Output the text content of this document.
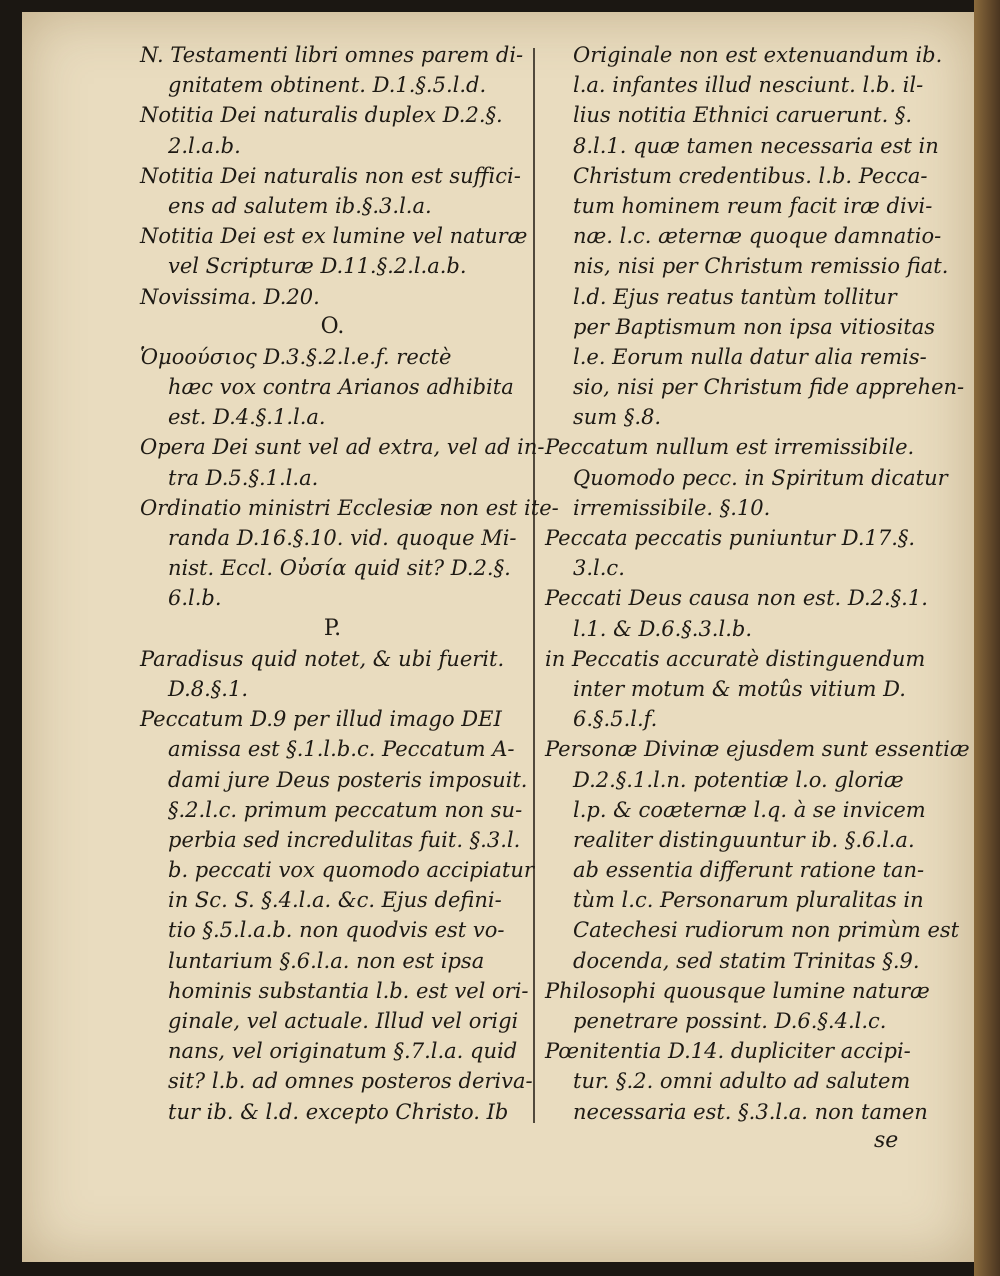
N. Testamenti libri omnes parem di-
gnitatem obtinent. D.1.§.5.l.d.
Notitia Dei naturalis duplex D.2.§.
2.l.a.b.
Notitia Dei naturalis non est suffici-
ens ad salutem ib.§.3.l.a.
Notitia Dei est ex lumine vel naturæ
vel Scripturæ D.11.§.2.l.a.b.
Novissima. D.20.
O.
Ὁμοούσιος D.3.§.2.l.e.f. rectè
hæc vox contra Arianos adhibita
est. D.4.§.1.l.a.
Opera Dei sunt vel ad extra, vel ad in-
tra D.5.§.1.l.a.
Ordinatio ministri Ecclesiæ non est ite-
randa D.16.§.10. vid. quoque Mi-
nist. Eccl. Οὐσία quid sit? D.2.§.
6.l.b.
P.
Paradisus quid notet, & ubi fuerit.
D.8.§.1.
Peccatum D.9 per illud imago DEI
amissa est §.1.l.b.c. Peccatum A-
dami jure Deus posteris imposuit.
§.2.l.c. primum peccatum non su-
perbia sed incredulitas fuit. §.3.l.
b. peccati vox quomodo accipiatur
in Sc. S. §.4.l.a. &c. Ejus defini-
tio §.5.l.a.b. non quodvis est vo-
luntarium §.6.l.a. non est ipsa
hominis substantia l.b. est vel ori-
ginale, vel actuale. Illud vel origi
nans, vel originatum §.7.l.a. quid
sit? l.b. ad omnes posteros deriva-
tur ib. & l.d. excepto Christo. Ib
Originale non est extenuandum ib.
l.a. infantes illud nesciunt. l.b. il-
lius notitia Ethnici caruerunt. §.
8.l.1. quæ tamen necessaria est in
Christum credentibus. l.b. Pecca-
tum hominem reum facit iræ divi-
næ. l.c. æternæ quoque damnatio-
nis, nisi per Christum remissio fiat.
l.d. Ejus reatus tantùm tollitur
per Baptismum non ipsa vitiositas
l.e. Eorum nulla datur alia remis-
sio, nisi per Christum fide apprehen-
sum §.8.
Peccatum nullum est irremissibile.
Quomodo pecc. in Spiritum dicatur
irremissibile. §.10.
Peccata peccatis puniuntur D.17.§.
3.l.c.
Peccati Deus causa non est. D.2.§.1.
l.1. & D.6.§.3.l.b.
in Peccatis accuratè distinguendum
inter motum & motûs vitium D.
6.§.5.l.f.
Personæ Divinæ ejusdem sunt essentiæ
D.2.§.1.l.n. potentiæ l.o. gloriæ
l.p. & coæternæ l.q. à se invicem
realiter distinguuntur ib. §.6.l.a.
ab essentia differunt ratione tan-
tùm l.c. Personarum pluralitas in
Catechesi rudiorum non primùm est
docenda, sed statim Trinitas §.9.
Philosophi quousque lumine naturæ
penetrare possint. D.6.§.4.l.c.
Pœnitentia D.14. dupliciter accipi-
tur. §.2. omni adulto ad salutem
necessaria est. §.3.l.a. non tamen
se
